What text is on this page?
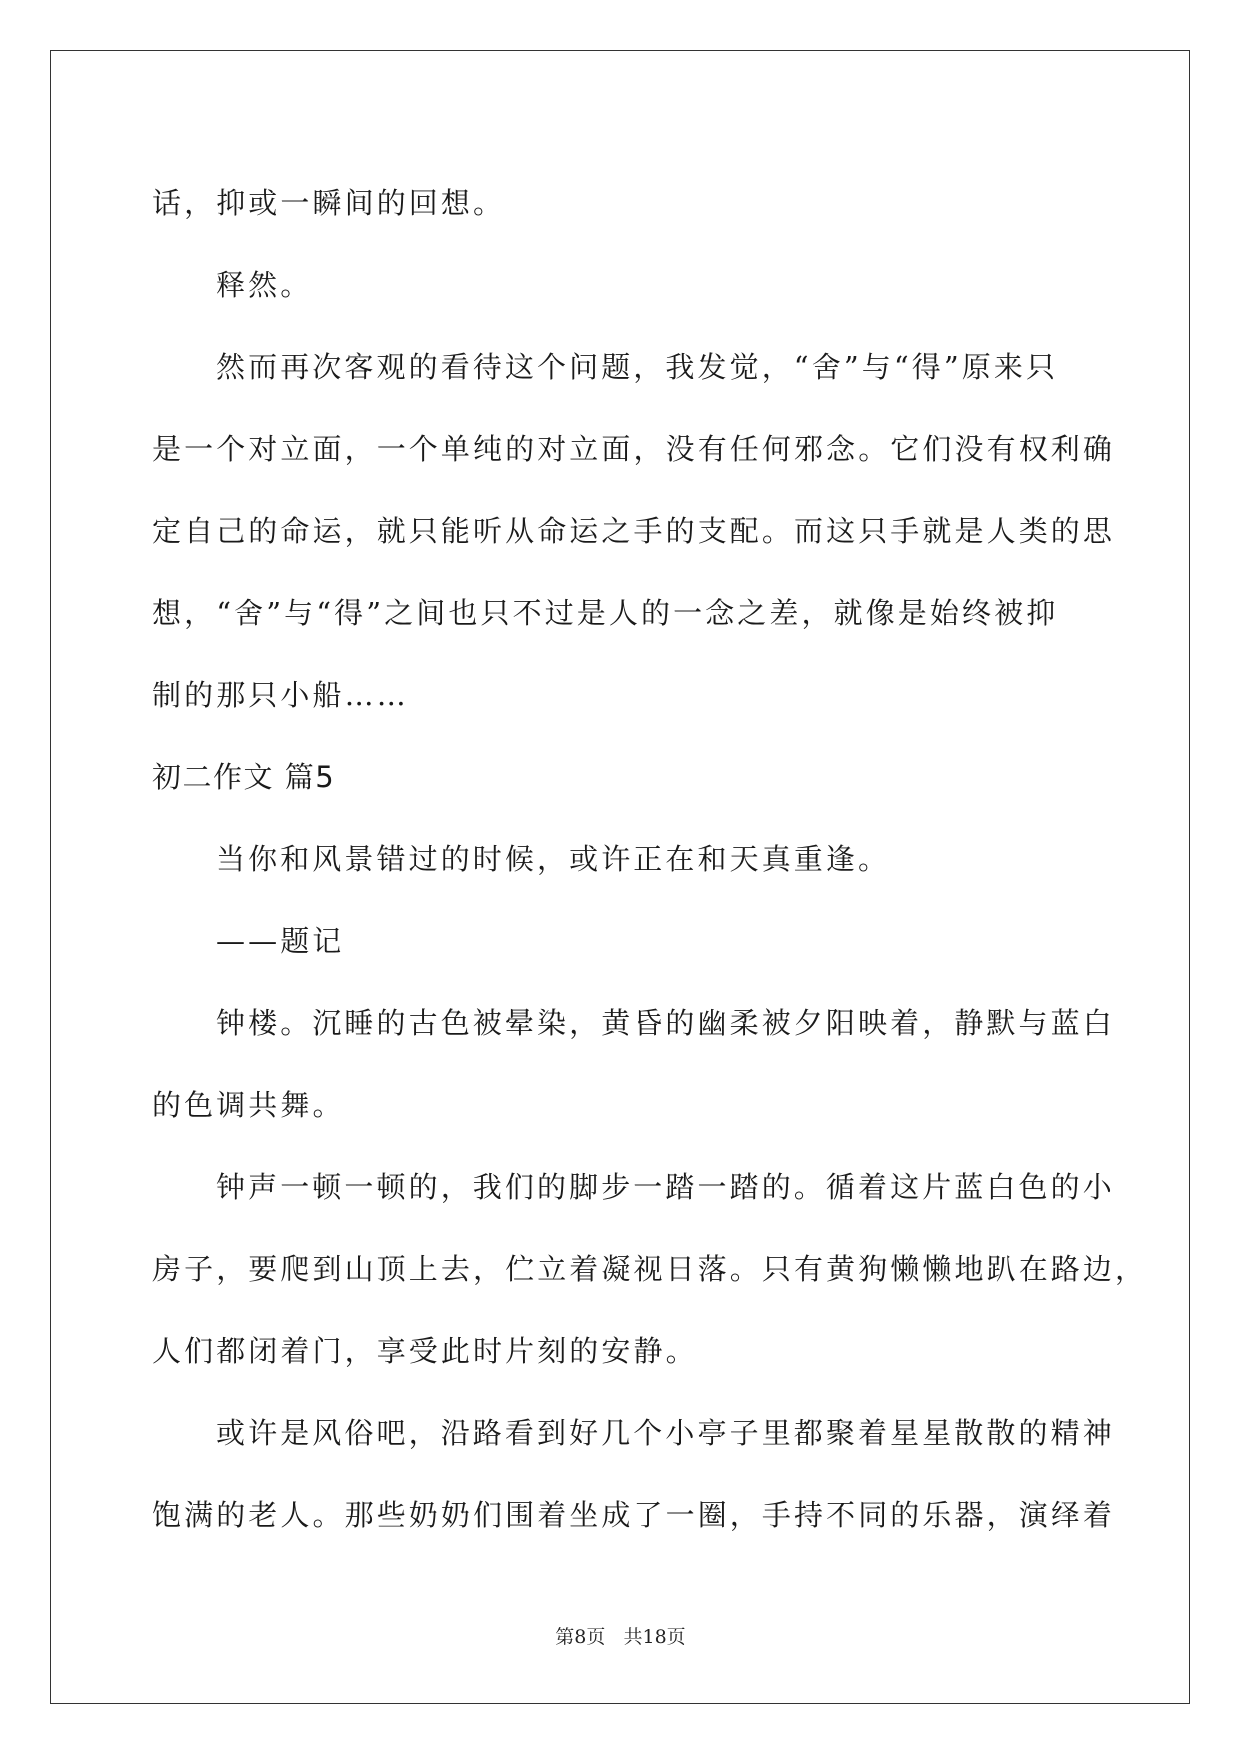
话，抑或一瞬间的回想。
释然。
然而再次客观的看待这个问题，我发觉，“舍”与“得”原来只
是一个对立面，一个单纯的对立面，没有任何邪念。它们没有权利确
定自己的命运，就只能听从命运之手的支配。而这只手就是人类的思
想，“舍”与“得”之间也只不过是人的一念之差，就像是始终被抑
制的那只小船……
初二作文 篇5
当你和风景错过的时候，或许正在和天真重逢。
——题记
钟楼。沉睡的古色被晕染，黄昏的幽柔被夕阳映着，静默与蓝白
的色调共舞。
钟声一顿一顿的，我们的脚步一踏一踏的。循着这片蓝白色的小
房子，要爬到山顶上去，伫立着凝视日落。只有黄狗懒懒地趴在路边，
人们都闭着门，享受此时片刻的安静。
或许是风俗吧，沿路看到好几个小亭子里都聚着星星散散的精神
饱满的老人。那些奶奶们围着坐成了一圈，手持不同的乐器，演绎着
第8页   共18页
